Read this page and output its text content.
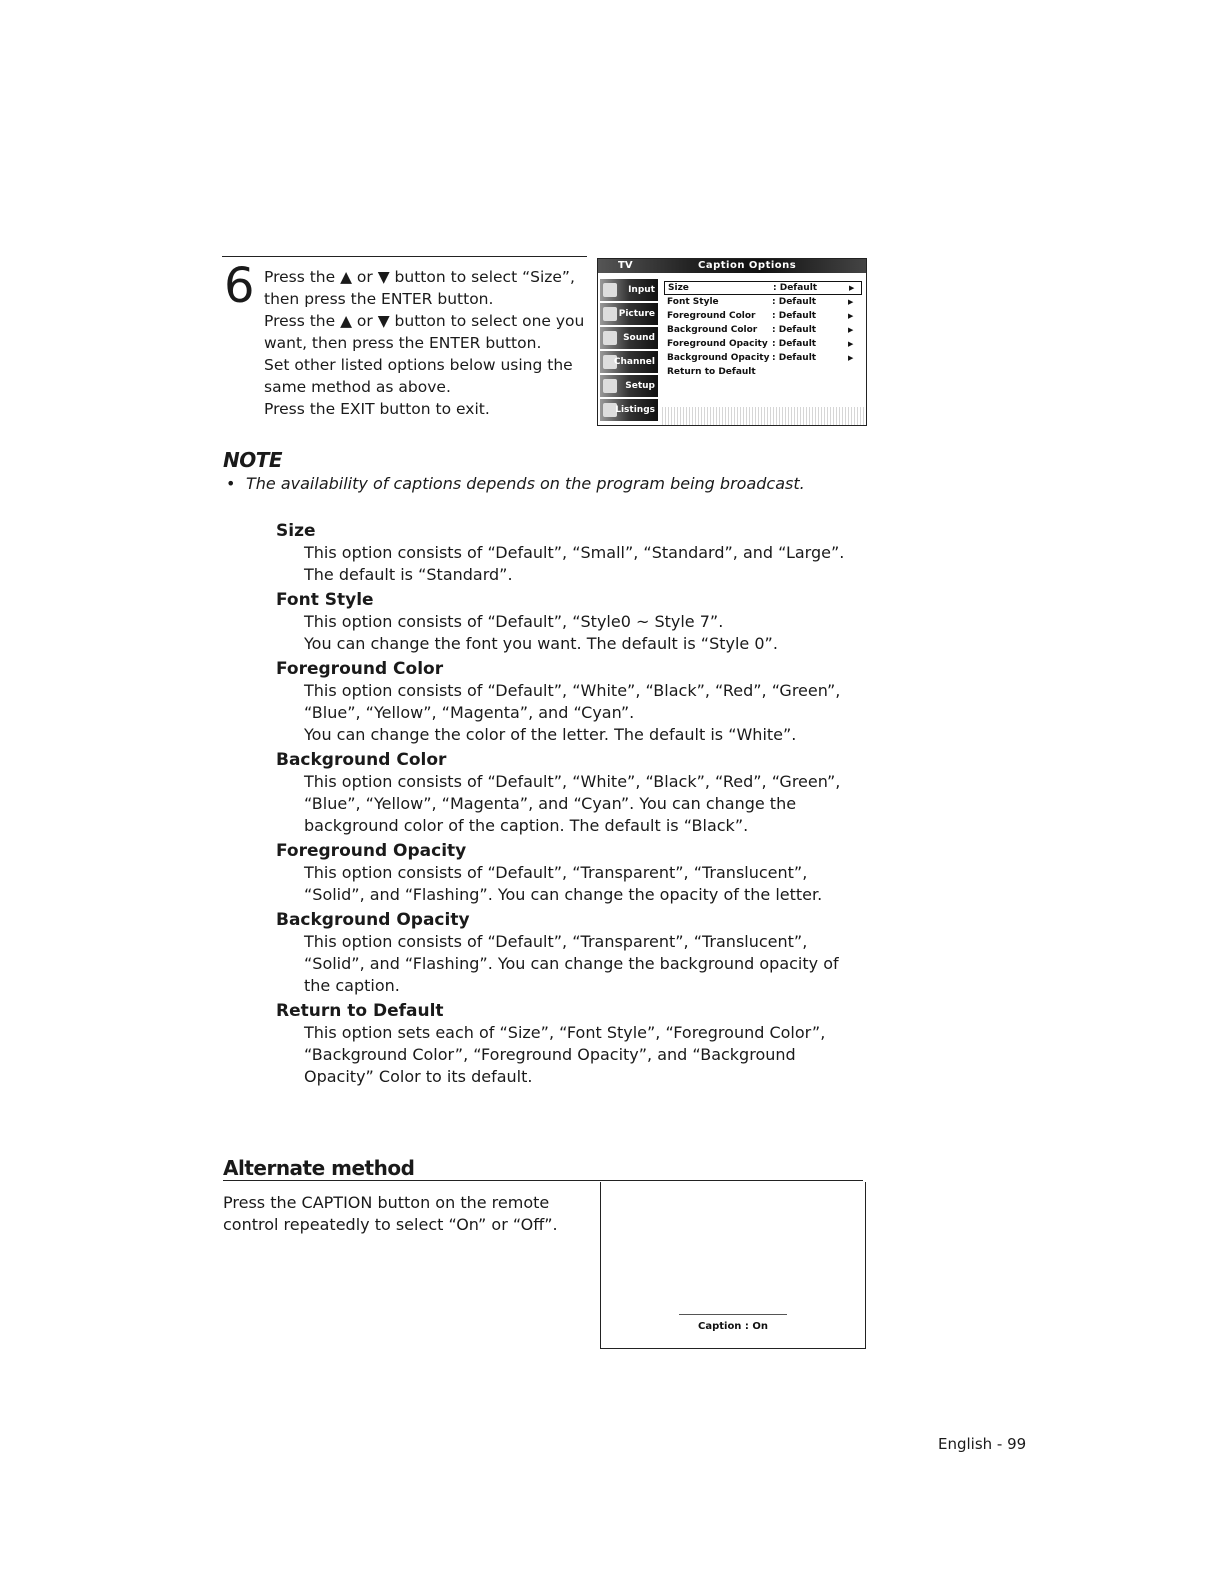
6 Press the ▲ or ▼ button to select “Size”,
then press the ENTER button.
Press the ▲ or ▼ button to select one you
want, then press the ENTER button.
Set other listed options below using the
same method as above.
Press the EXIT button to exit.
TV	Caption Options
Input
Picture
Sound
Channel
Setup
Listings
Size	: Default	▶
Font Style	: Default	▶
Foreground Color : Default	▶
Background Color : Default	▶
Foreground Opacity : Default	▶
Background Opacity : Default	▶
Return to Default
NOTE
• The availability of captions depends on the program being broadcast.
Size
This option consists of “Default”, “Small”, “Standard”, and “Large”.
The default is “Standard”.
Font Style
This option consists of “Default”, “Style0 ~ Style 7”.
You can change the font you want. The default is “Style 0”.
Foreground Color
This option consists of “Default”, “White”, “Black”, “Red”, “Green”,
“Blue”, “Yellow”, “Magenta”, and “Cyan”.
You can change the color of the letter. The default is “White”.
Background Color
This option consists of “Default”, “White”, “Black”, “Red”, “Green”,
“Blue”, “Yellow”, “Magenta”, and “Cyan”. You can change the
background color of the caption. The default is “Black”.
Foreground Opacity
This option consists of “Default”, “Transparent”, “Translucent”,
“Solid”, and “Flashing”. You can change the opacity of the letter.
Background Opacity
This option consists of “Default”, “Transparent”, “Translucent”,
“Solid”, and “Flashing”. You can change the background opacity of
the caption.
Return to Default
This option sets each of “Size”, “Font Style”, “Foreground Color”,
“Background Color”, “Foreground Opacity”, and “Background
Opacity” Color to its default.
Alternate method
Press the CAPTION button on the remote
control repeatedly to select “On” or “Off”.
Caption : On
English - 99
